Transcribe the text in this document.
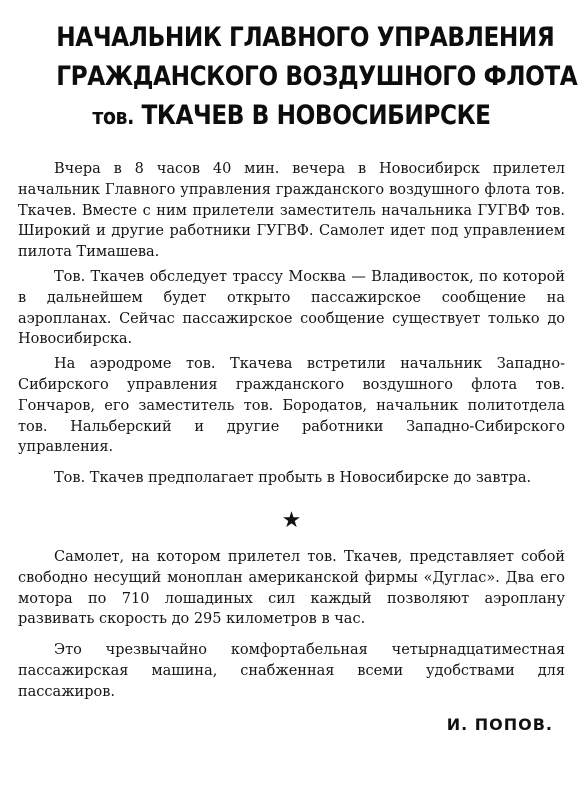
НАЧАЛЬНИК ГЛАВНОГО УПРАВЛЕНИЯ
ГРАЖДАНСКОГО ВОЗДУШНОГО ФЛОТА
тов. ТКАЧЕВ В НОВОСИБИРСКЕ

Вчера в 8 часов 40 мин. вечера в Новосибирск прилетел начальник Главного управления гражданского воздушного флота тов. Ткачев. Вместе с ним прилетели заместитель начальника ГУГВФ тов. Широкий и другие работники ГУГВФ. Самолет идет под управлением пилота Тимашева.

Тов. Ткачев обследует трассу Москва — Владивосток, по которой в дальнейшем будет открыто пассажирское сообщение на аэропланах. Сейчас пассажирское сообщение существует только до Новосибирска.

На аэродроме тов. Ткачева встретили начальник Западно-Сибирского управления гражданского воздушного флота тов. Гончаров, его заместитель тов. Бородатов, начальник политотдела тов. Нальберский и другие работники Западно-Сибирского управления.

Тов. Ткачев предполагает пробыть в Новосибирске до завтра.

★

Самолет, на котором прилетел тов. Ткачев, представляет собой свободно несущий моноплан американской фирмы «Дуглас». Два его мотора по 710 лошадиных сил каждый позволяют аэроплану развивать скорость до 295 километров в час.

Это чрезвычайно комфортабельная четырнадцатиместная пассажирская машина, снабженная всеми удобствами для пассажиров.

И. ПОПОВ.
